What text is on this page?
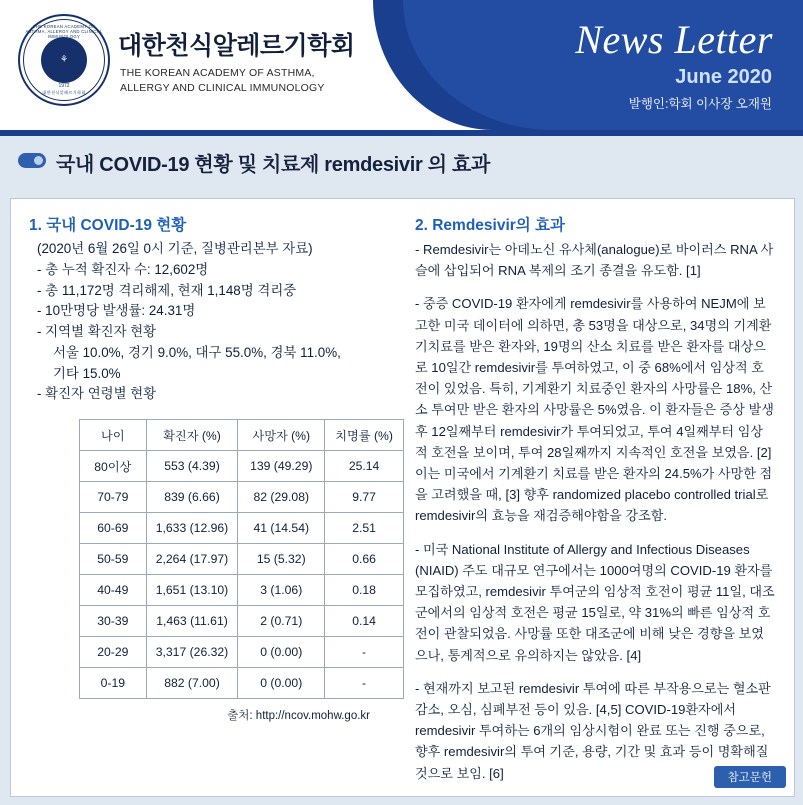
THE KOREAN ACADEMY OF ASTHMA, ALLERGY AND CLINICAL IMMUNOLOGY
⚘
1972
대한천식알레르기학회
대한천식알레르기학회
THE KOREAN ACADEMY OF ASTHMA,
ALLERGY AND CLINICAL IMMUNOLOGY
News Letter
June 2020
발행인:학회 이사장 오재원
국내 COVID-19 현황 및 치료제 remdesivir 의 효과
1. 국내 COVID-19 현황
(2020년 6월 26일 0시 기준, 질병관리본부 자료)
- 총 누적 확진자 수: 12,602명
- 총 11,172명 격리해제, 현재 1,148명 격리중
- 10만명당 발생률: 24.31명
- 지역별 확진자 현황
서울 10.0%, 경기 9.0%, 대구 55.0%, 경북 11.0%,
기타 15.0%
- 확진자 연령별 현황
나이	확진자 (%)	사망자 (%)	치명률 (%)
80이상	553 (4.39)	139 (49.29)	25.14
70-79	839 (6.66)	82 (29.08)	9.77
60-69	1,633 (12.96)	41 (14.54)	2.51
50-59	2,264 (17.97)	15 (5.32)	0.66
40-49	1,651 (13.10)	3 (1.06)	0.18
30-39	1,463 (11.61)	2 (0.71)	0.14
20-29	3,317 (26.32)	0 (0.00)	-
0-19	882 (7.00)	0 (0.00)	-
출처: http://ncov.mohw.go.kr
2. Remdesivir의 효과

- Remdesivir는 아데노신 유사체(analogue)로 바이러스 RNA 사슬에 삽입되어 RNA 복제의 조기 종결을 유도함. [1]

- 중증 COVID-19 환자에게 remdesivir를 사용하여 NEJM에 보고한 미국 데이터에 의하면, 총 53명을 대상으로, 34명의 기계환기치료를 받은 환자와, 19명의 산소 치료를 받은 환자를 대상으로 10일간 remdesivir를 투여하였고, 이 중 68%에서 임상적 호전이 있었음. 특히, 기계환기 치료중인 환자의 사망률은 18%, 산소 투여만 받은 환자의 사망률은 5%였음. 이 환자들은 증상 발생 후 12일째부터 remdesivir가 투여되었고, 투여 4일째부터 임상적 호전을 보이며, 투여 28일째까지 지속적인 호전을 보였음. [2] 이는 미국에서 기계환기 치료를 받은 환자의 24.5%가 사망한 점을 고려했을 때, [3] 향후 randomized placebo controlled trial로 remdesivir의 효능을 재검증해야함을 강조함.

- 미국 National Institute of Allergy and Infectious Diseases (NIAID) 주도 대규모 연구에서는 1000여명의 COVID-19 환자를 모집하였고, remdesivir 투여군의 임상적 호전이 평균 11일, 대조군에서의 임상적 호전은 평균 15일로, 약 31%의 빠른 임상적 호전이 관찰되었음. 사망률 또한 대조군에 비해 낮은 경향을 보였으나, 통계적으로 유의하지는 않았음. [4]

- 현재까지 보고된 remdesivir 투여에 따른 부작용으로는 혈소판 감소, 오심, 심폐부전 등이 있음. [4,5] COVID-19환자에서 remdesivir 투여하는 6개의 임상시험이 완료 또는 진행 중으로, 향후 remdesivir의 투여 기준, 용량, 기간 및 효과 등이 명확해질 것으로 보임. [6]	참고문헌
